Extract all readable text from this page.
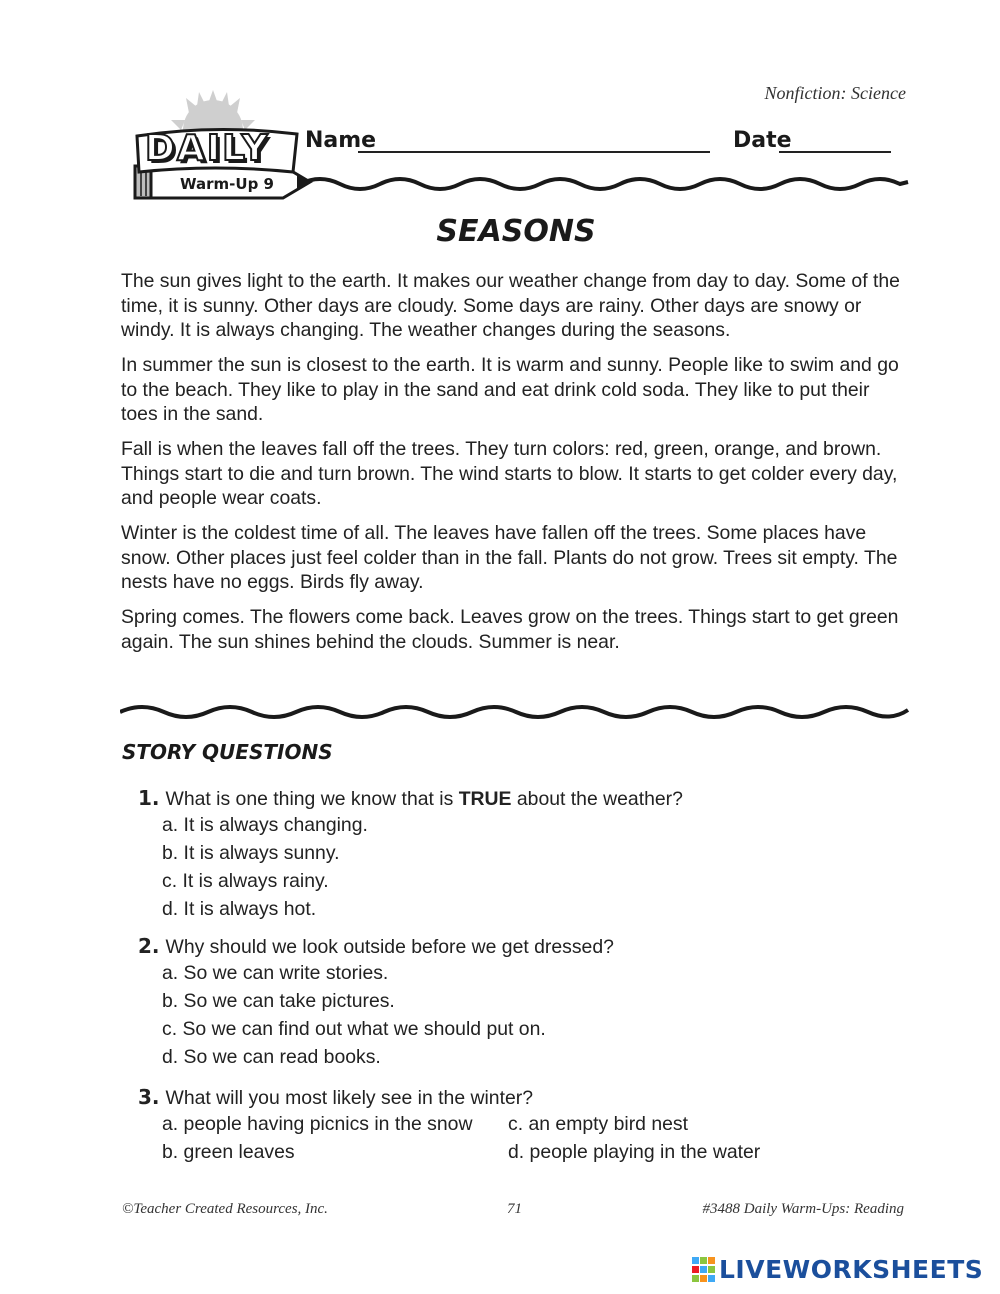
Nonfiction: Science
DAILY
Warm-Up 9
Name	Date
SEASONS

The sun gives light to the earth. It makes our weather change from day to day. Some of the time, it is sunny. Other days are cloudy. Some days are rainy. Other days are snowy or windy. It is always changing. The weather changes during the seasons.

In summer the sun is closest to the earth. It is warm and sunny. People like to swim and go to the beach. They like to play in the sand and eat drink cold soda. They like to put their toes in the sand.

Fall is when the leaves fall off the trees. They turn colors: red, green, orange, and brown. Things start to die and turn brown. The wind starts to blow. It starts to get colder every day, and people wear coats.

Winter is the coldest time of all. The leaves have fallen off the trees. Some places have snow. Other places just feel colder than in the fall. Plants do not grow. Trees sit empty. The nests have no eggs. Birds fly away.

Spring comes. The flowers come back. Leaves grow on the trees. Things start to get green again. The sun shines behind the clouds. Summer is near.

STORY QUESTIONS
1. What is one thing we know that is TRUE about the weather?
a. It is always changing.
b. It is always sunny.
c. It is always rainy.
d. It is always hot.
2. Why should we look outside before we get dressed?
a. So we can write stories.
b. So we can take pictures.
c. So we can find out what we should put on.
d. So we can read books.
3. What will you most likely see in the winter?
a. people having picnics in the snow c. an empty bird nest
b. green leaves	d. people playing in the water
©Teacher Created Resources, Inc.	71	#3488 Daily Warm-Ups: Reading
LIVEWORKSHEETS
